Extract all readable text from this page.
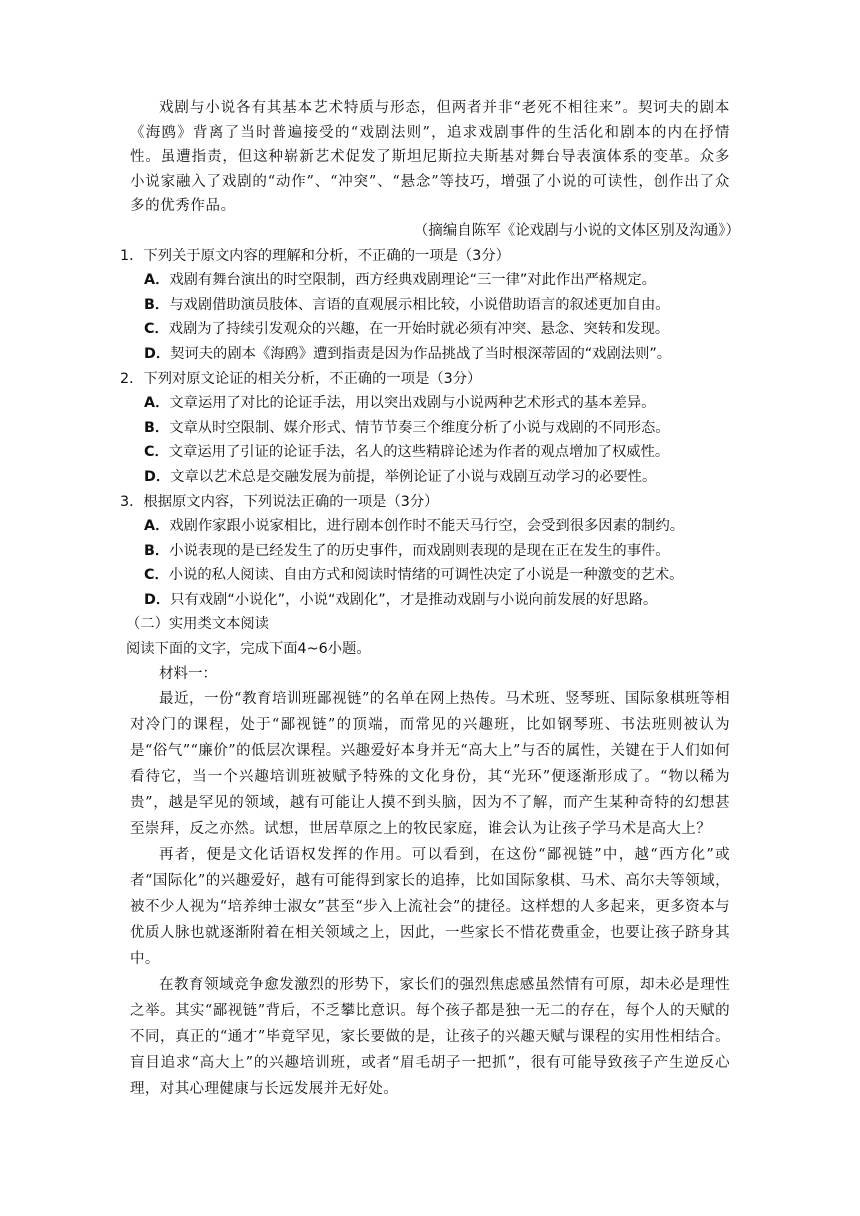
戏剧与小说各有其基本艺术特质与形态，但两者并非“老死不相往来”。契诃夫的剧本《海鸥》背离了当时普遍接受的“戏剧法则”，追求戏剧事件的生活化和剧本的内在抒情性。虽遭指责，但这种崭新艺术促发了斯坦尼斯拉夫斯基对舞台导表演体系的变革。众多小说家融入了戏剧的“动作”、“冲突”、“悬念”等技巧，增强了小说的可读性，创作出了众多的优秀作品。

（摘编自陈军《论戏剧与小说的文体区别及沟通》）

1．下列关于原文内容的理解和分析，不正确的一项是（3分）

A．戏剧有舞台演出的时空限制，西方经典戏剧理论“三一律”对此作出严格规定。

B．与戏剧借助演员肢体、言语的直观展示相比较，小说借助语言的叙述更加自由。

C．戏剧为了持续引发观众的兴趣，在一开始时就必须有冲突、悬念、突转和发现。

D．契诃夫的剧本《海鸥》遭到指责是因为作品挑战了当时根深蒂固的“戏剧法则”。

2．下列对原文论证的相关分析，不正确的一项是（3分）

A．文章运用了对比的论证手法，用以突出戏剧与小说两种艺术形式的基本差异。

B．文章从时空限制、媒介形式、情节节奏三个维度分析了小说与戏剧的不同形态。

C．文章运用了引证的论证手法，名人的这些精辟论述为作者的观点增加了权威性。

D．文章以艺术总是交融发展为前提，举例论证了小说与戏剧互动学习的必要性。

3．根据原文内容，下列说法正确的一项是（3分）

A．戏剧作家跟小说家相比，进行剧本创作时不能天马行空，会受到很多因素的制约。

B．小说表现的是已经发生了的历史事件，而戏剧则表现的是现在正在发生的事件。

C．小说的私人阅读、自由方式和阅读时情绪的可调性决定了小说是一种激变的艺术。

D．只有戏剧“小说化”，小说“戏剧化”，才是推动戏剧与小说向前发展的好思路。

（二）实用类文本阅读

阅读下面的文字，完成下面4~6小题。

材料一：

最近，一份“教育培训班鄙视链”的名单在网上热传。马术班、竖琴班、国际象棋班等相对冷门的课程，处于“鄙视链”的顶端，而常见的兴趣班，比如钢琴班、书法班则被认为是“俗气”“廉价”的低层次课程。兴趣爱好本身并无“高大上”与否的属性，关键在于人们如何看待它，当一个兴趣培训班被赋予特殊的文化身份，其“光环”便逐渐形成了。“物以稀为贵”，越是罕见的领域，越有可能让人摸不到头脑，因为不了解，而产生某种奇特的幻想甚至崇拜，反之亦然。试想，世居草原之上的牧民家庭，谁会认为让孩子学马术是高大上？

再者，便是文化话语权发挥的作用。可以看到，在这份“鄙视链”中，越“西方化”或者“国际化”的兴趣爱好，越有可能得到家长的追捧，比如国际象棋、马术、高尔夫等领域，被不少人视为“培养绅士淑女”甚至“步入上流社会”的捷径。这样想的人多起来，更多资本与优质人脉也就逐渐附着在相关领域之上，因此，一些家长不惜花费重金，也要让孩子跻身其中。

在教育领域竞争愈发激烈的形势下，家长们的强烈焦虑感虽然情有可原，却未必是理性之举。其实“鄙视链”背后，不乏攀比意识。每个孩子都是独一无二的存在，每个人的天赋的不同，真正的“通才”毕竟罕见，家长要做的是，让孩子的兴趣天赋与课程的实用性相结合。盲目追求“高大上”的兴趣培训班，或者“眉毛胡子一把抓”，很有可能导致孩子产生逆反心理，对其心理健康与长远发展并无好处。
